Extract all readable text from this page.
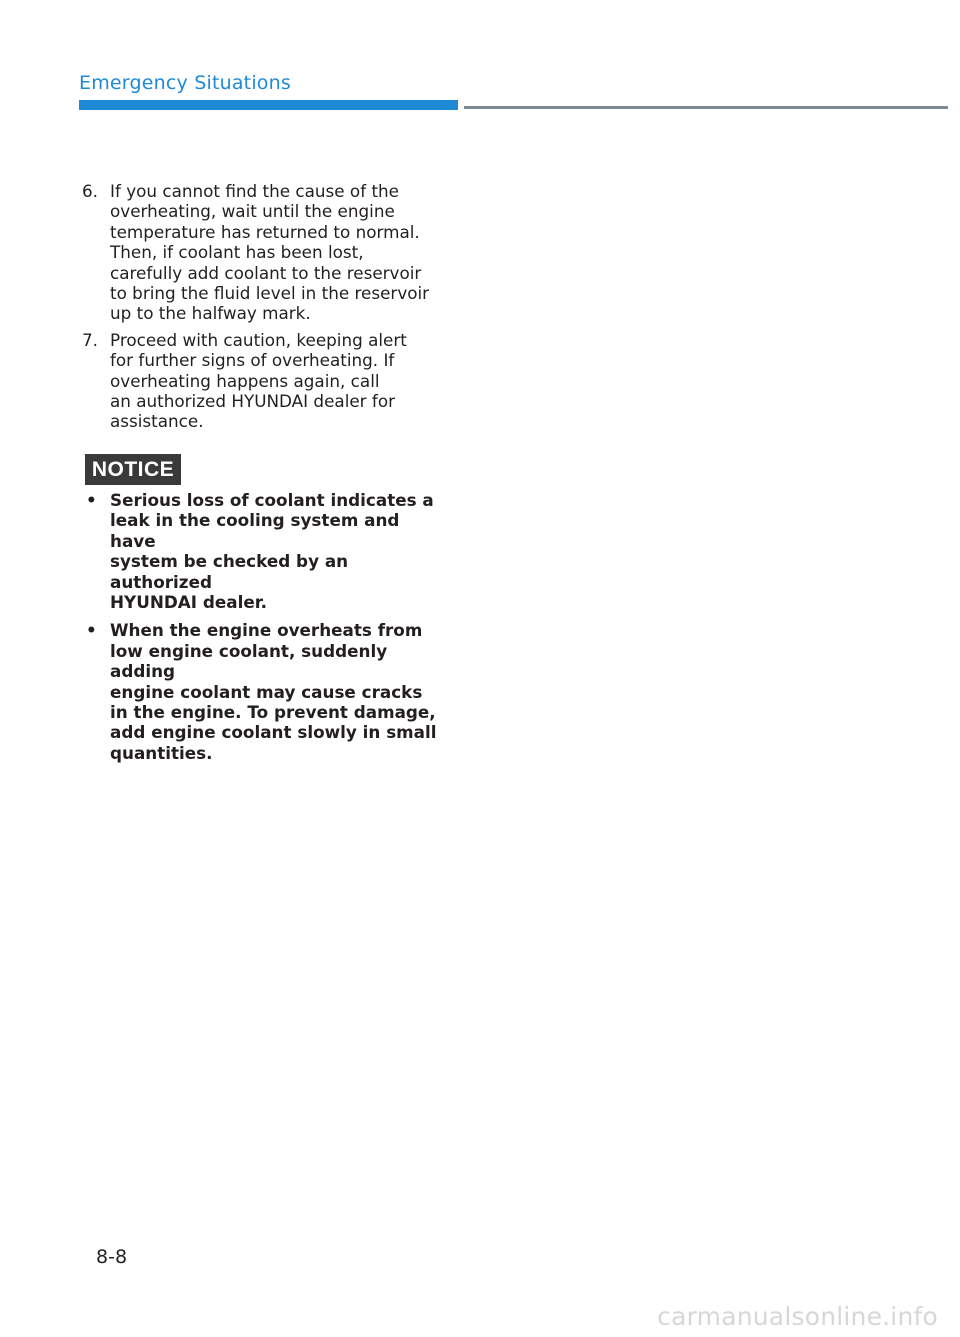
Emergency Situations
6. If you cannot find the cause of the
overheating, wait until the engine
temperature has returned to normal.
Then, if coolant has been lost,
carefully add coolant to the reservoir
to bring the fluid level in the reservoir
up to the halfway mark.
7. Proceed with caution, keeping alert
for further signs of overheating. If
overheating happens again, call
an authorized HYUNDAI dealer for
assistance.
NOTICE
• Serious loss of coolant indicates a
leak in the cooling system and have
system be checked by an authorized
HYUNDAI dealer.
• When the engine overheats from
low engine coolant, suddenly adding
engine coolant may cause cracks
in the engine. To prevent damage,
add engine coolant slowly in small
quantities.
8-8
carmanualsonline.info
